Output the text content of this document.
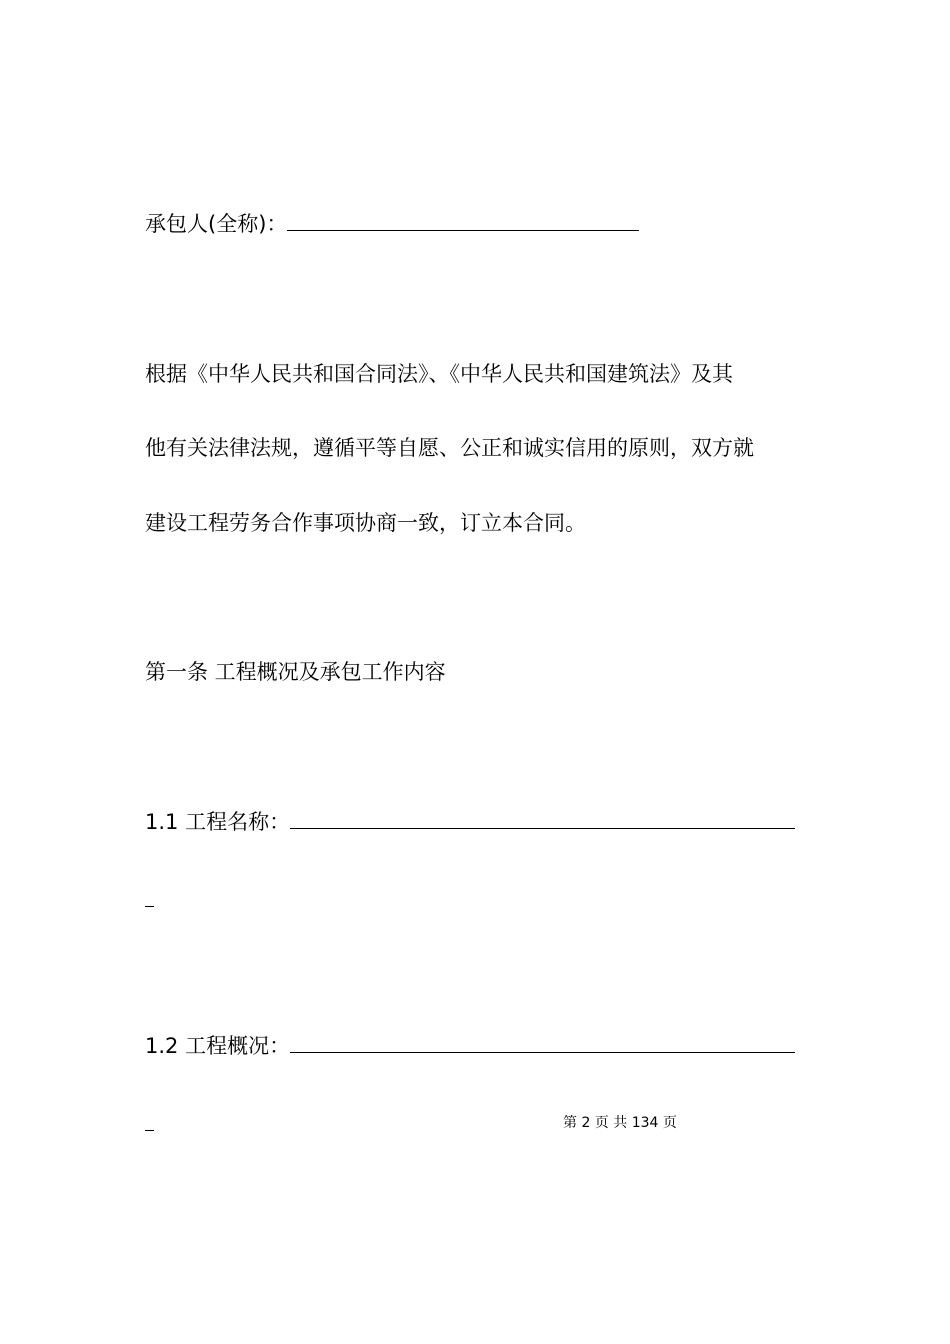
承包人(全称)：
根据《中华人民共和国合同法》、《中华人民共和国建筑法》及其
他有关法律法规，遵循平等自愿、公正和诚实信用的原则，双方就
建设工程劳务合作事项协商一致，订立本合同。
第一条 工程概况及承包工作内容
1.1 工程名称：
1.2 工程概况：
第 2 页 共 134 页
